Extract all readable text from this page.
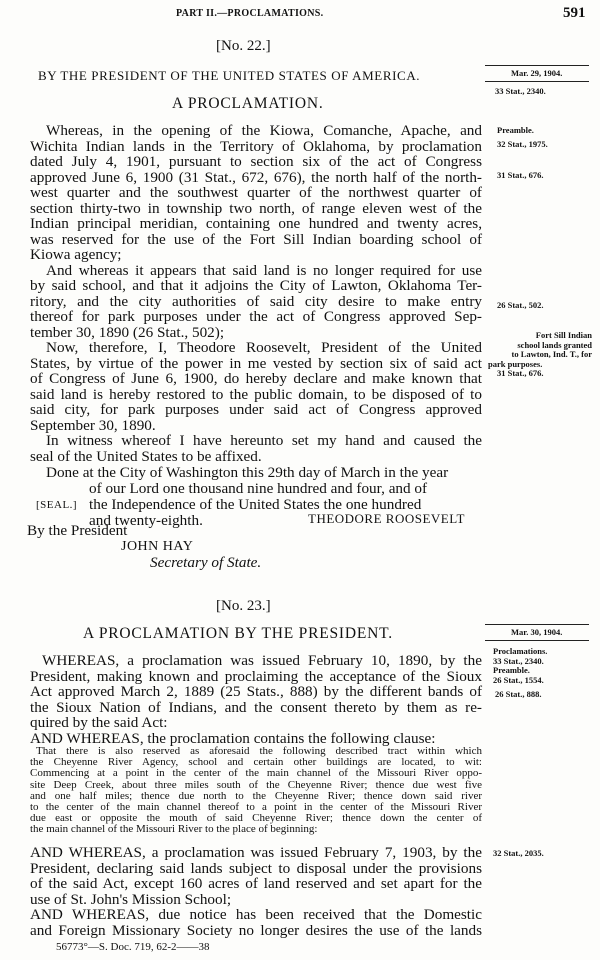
PART II.—PROCLAMATIONS.	591
[No. 22.]
BY THE PRESIDENT OF THE UNITED STATES OF AMERICA.
A PROCLAMATION.
Whereas, in the opening of the Kiowa, Comanche, Apache, and
Wichita Indian lands in the Territory of Oklahoma, by proclamation
dated July 4, 1901, pursuant to section six of the act of Congress
approved June 6, 1900 (31 Stat., 672, 676), the north half of the north-
west quarter and the southwest quarter of the northwest quarter of
section thirty-two in township two north, of range eleven west of the
Indian principal meridian, containing one hundred and twenty acres,
was reserved for the use of the Fort Sill Indian boarding school of
Kiowa agency;
And whereas it appears that said land is no longer required for use
by said school, and that it adjoins the City of Lawton, Oklahoma Ter-
ritory, and the city authorities of said city desire to make entry
thereof for park purposes under the act of Congress approved Sep-
tember 30, 1890 (26 Stat., 502);
Now, therefore, I, Theodore Roosevelt, President of the United
States, by virtue of the power in me vested by section six of said act
of Congress of June 6, 1900, do hereby declare and make known that
said land is hereby restored to the public domain, to be disposed of to
said city, for park purposes under said act of Congress approved
September 30, 1890.
In witness whereof I have hereunto set my hand and caused the
seal of the United States to be affixed.
Done at the City of Washington this 29th day of March in the year
of our Lord one thousand nine hundred and four, and of
the Independence of the United States the one hundred
and twenty-eighth.
[SEAL.]
THEODORE ROOSEVELT
By the President
JOHN HAY
Secretary of State.
Mar. 29, 1904.
33 Stat., 2340.
Preamble.
32 Stat., 1975.
31 Stat., 676.
26 Stat., 502.
Fort Sill Indian
school lands granted
to Lawton, Ind. T., for
park purposes.
31 Stat., 676.
[No. 23.]
A PROCLAMATION BY THE PRESIDENT.
WHEREAS, a proclamation was issued February 10, 1890, by the
President, making known and proclaiming the acceptance of the Sioux
Act approved March 2, 1889 (25 Stats., 888) by the different bands of
the Sioux Nation of Indians, and the consent thereto by them as re-
quired by the said Act:
AND WHEREAS, the proclamation contains the following clause:
That there is also reserved as aforesaid the following described tract within which
the Cheyenne River Agency, school and certain other buildings are located, to wit:
Commencing at a point in the center of the main channel of the Missouri River oppo-
site Deep Creek, about three miles south of the Cheyenne River; thence due west five
and one half miles; thence due north to the Cheyenne River; thence down said river
to the center of the main channel thereof to a point in the center of the Missouri River
due east or opposite the mouth of said Cheyenne River; thence down the center of
the main channel of the Missouri River to the place of beginning:
AND WHEREAS, a proclamation was issued February 7, 1903, by the
President, declaring said lands subject to disposal under the provisions
of the said Act, except 160 acres of land reserved and set apart for the
use of St. John's Mission School;
AND WHEREAS, due notice has been received that the Domestic
and Foreign Missionary Society no longer desires the use of the lands
Mar. 30, 1904.
Proclamations.
33 Stat., 2340.
Preamble.
26 Stat., 1554.
26 Stat., 888.
32 Stat., 2035.
56773°—S. Doc. 719, 62-2——38
